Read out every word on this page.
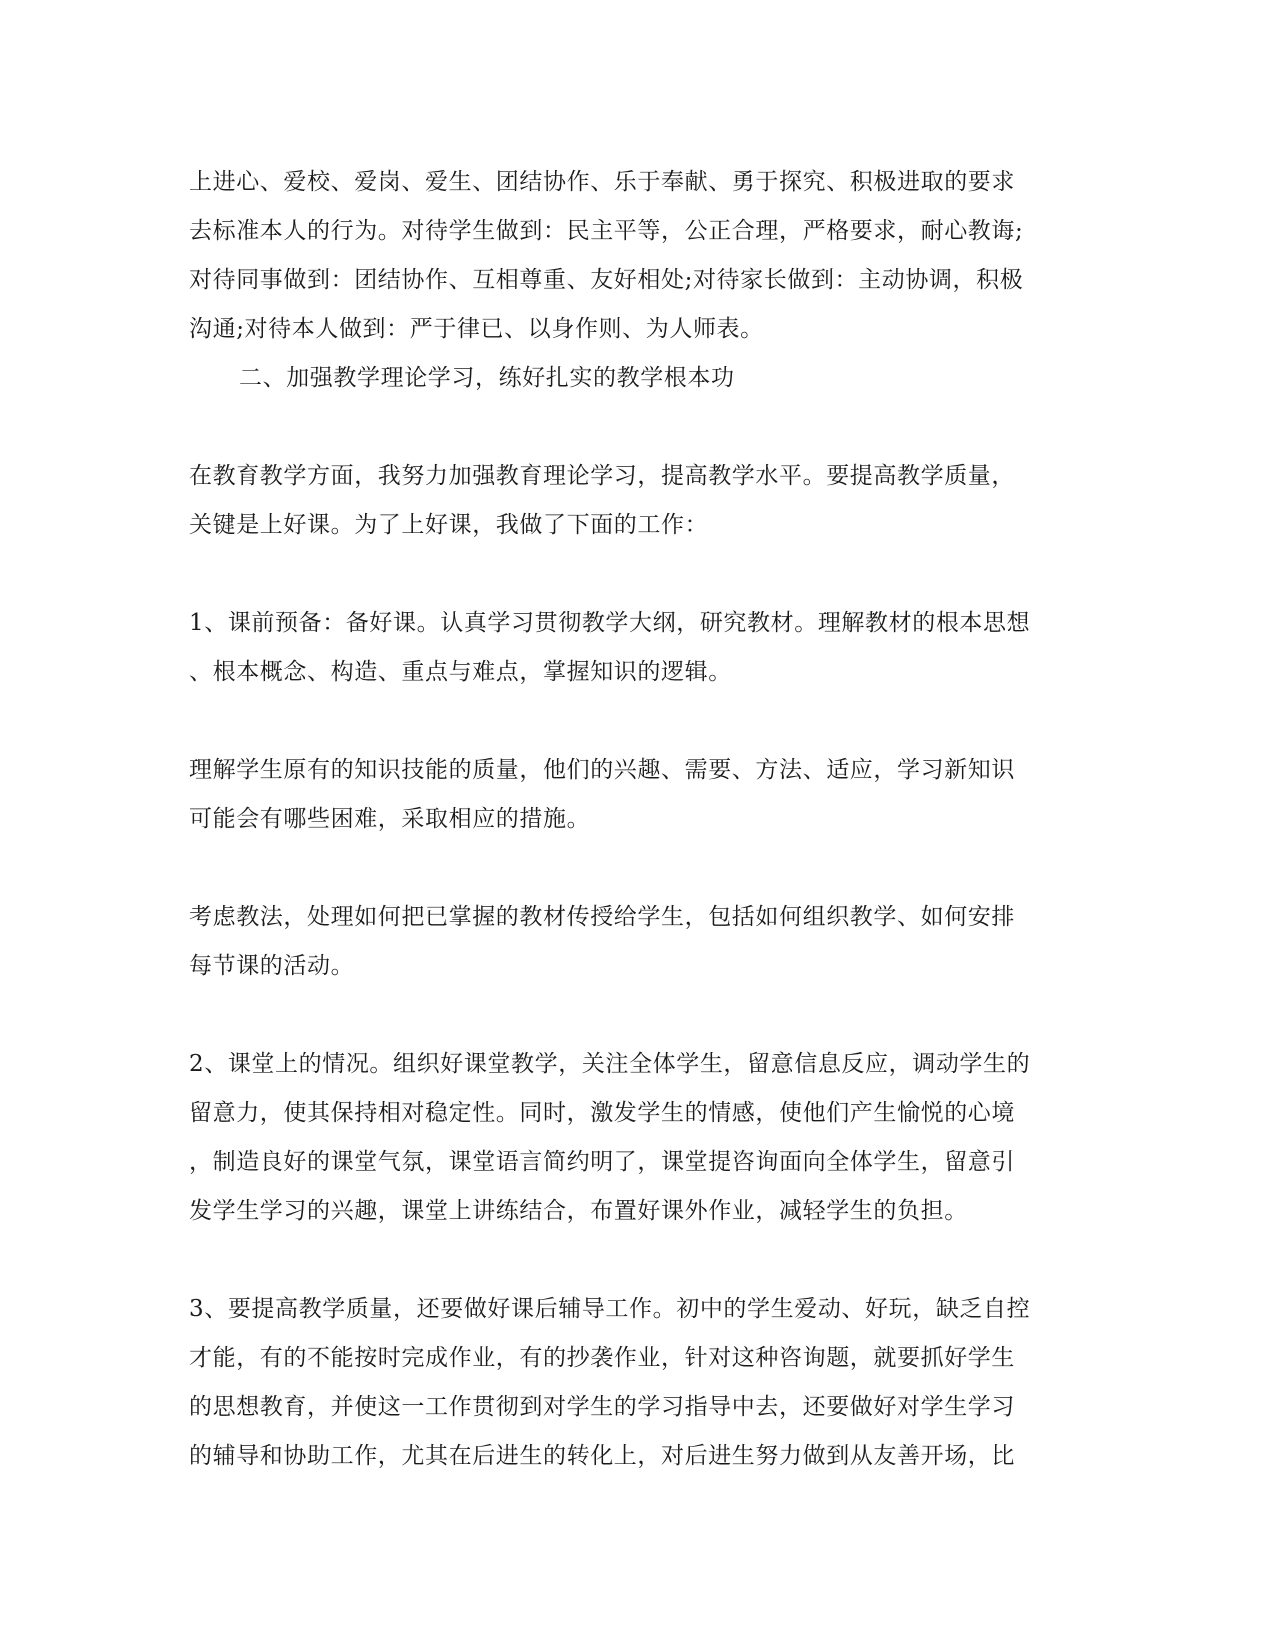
上进心、爱校、爱岗、爱生、团结协作、乐于奉献、勇于探究、积极进取的要求
去标准本人的行为。对待学生做到：民主平等，公正合理，严格要求，耐心教诲;
对待同事做到：团结协作、互相尊重、友好相处;对待家长做到：主动协调，积极
沟通;对待本人做到：严于律已、以身作则、为人师表。

二、加强教学理论学习，练好扎实的教学根本功

在教育教学方面，我努力加强教育理论学习，提高教学水平。要提高教学质量，
关键是上好课。为了上好课，我做了下面的工作：

1、课前预备：备好课。认真学习贯彻教学大纲，研究教材。理解教材的根本思想
、根本概念、构造、重点与难点，掌握知识的逻辑。

理解学生原有的知识技能的质量，他们的兴趣、需要、方法、适应，学习新知识
可能会有哪些困难，采取相应的措施。

考虑教法，处理如何把已掌握的教材传授给学生，包括如何组织教学、如何安排
每节课的活动。

2、课堂上的情况。组织好课堂教学，关注全体学生，留意信息反应，调动学生的
留意力，使其保持相对稳定性。同时，激发学生的情感，使他们产生愉悦的心境
，制造良好的课堂气氛，课堂语言简约明了，课堂提咨询面向全体学生，留意引
发学生学习的兴趣，课堂上讲练结合，布置好课外作业，减轻学生的负担。

3、要提高教学质量，还要做好课后辅导工作。初中的学生爱动、好玩，缺乏自控
才能，有的不能按时完成作业，有的抄袭作业，针对这种咨询题，就要抓好学生
的思想教育，并使这一工作贯彻到对学生的学习指导中去，还要做好对学生学习
的辅导和协助工作，尤其在后进生的转化上，对后进生努力做到从友善开场，比
